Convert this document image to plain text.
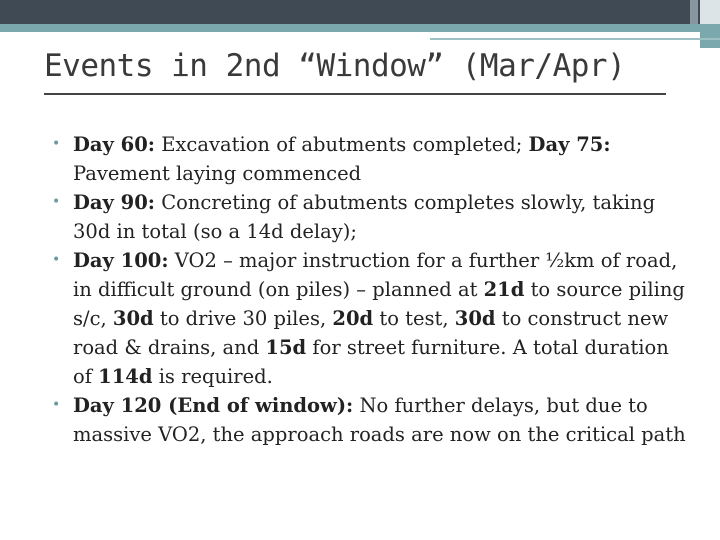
Events in 2nd “Window” (Mar/Apr)
• Day 60: Excavation of abutments completed; Day 75: Pavement laying commenced
• Day 90: Concreting of abutments completes slowly, taking 30d in total (so a 14d delay);
• Day 100: VO2 – major instruction for a further ½km of road, in difficult ground (on piles) – planned at 21d to source piling s/c, 30d to drive 30 piles, 20d to test, 30d to construct new road & drains, and 15d for street furniture. A total duration of 114d is required.
• Day 120 (End of window): No further delays, but due to massive VO2, the approach roads are now on the critical path
